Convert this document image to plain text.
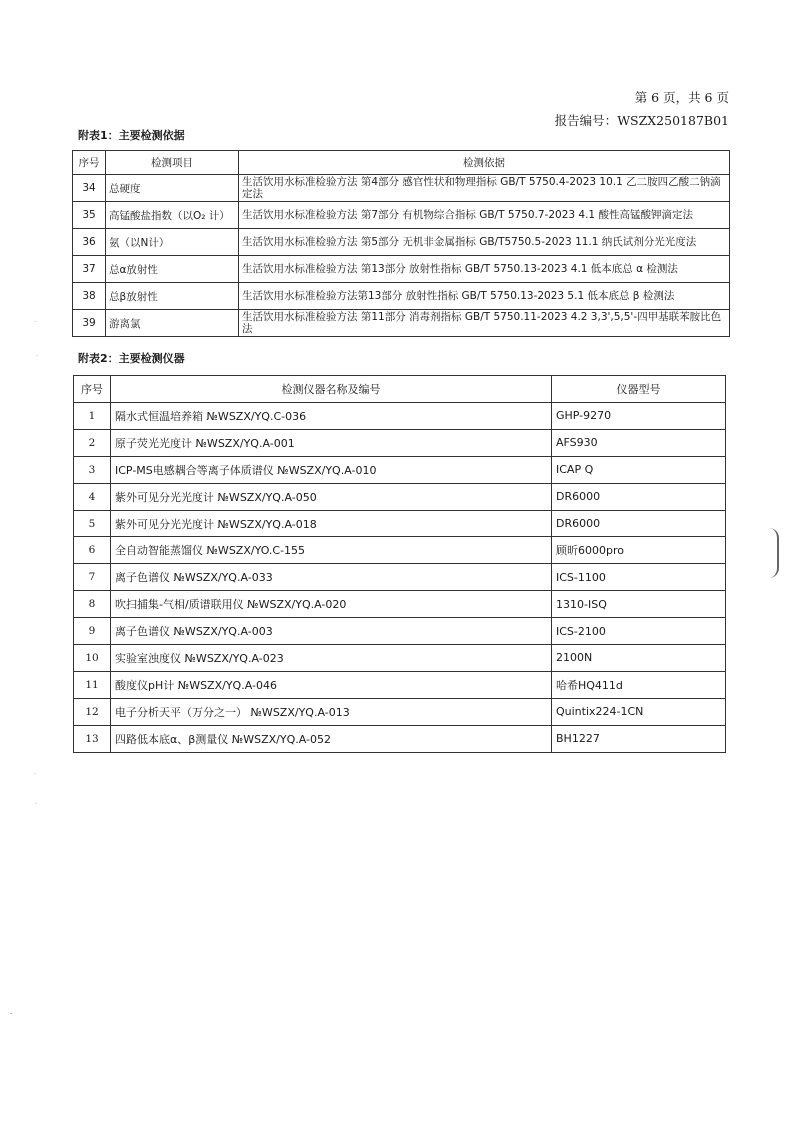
第 6 页，共 6 页
报告编号：WSZX250187B01
附表1：主要检测依据
序号	检测项目	检测依据
34	总硬度	生活饮用水标准检验方法 第4部分 感官性状和物理指标 GB/T 5750.4-2023 10.1 乙二胺四乙酸二钠滴定法
35	高锰酸盐指数（以O₂ 计）	生活饮用水标准检验方法 第7部分 有机物综合指标 GB/T 5750.7-2023 4.1 酸性高锰酸钾滴定法
36	氨（以N计）	生活饮用水标准检验方法 第5部分 无机非金属指标 GB/T5750.5-2023 11.1 纳氏试剂分光光度法
37	总α放射性	生活饮用水标准检验方法 第13部分 放射性指标 GB/T 5750.13-2023 4.1 低本底总 α 检测法
38	总β放射性	生活饮用水标准检验方法第13部分 放射性指标 GB/T 5750.13-2023 5.1 低本底总 β 检测法
39	游离氯	生活饮用水标准检验方法 第11部分 消毒剂指标 GB/T 5750.11-2023 4.2 3,3',5,5'-四甲基联苯胺比色法
附表2：主要检测仪器
序号	检测仪器名称及编号	仪器型号
1	隔水式恒温培养箱 №WSZX/YQ.C-036	GHP-9270
2	原子荧光光度计 №WSZX/YQ.A-001	AFS930
3	ICP-MS电感耦合等离子体质谱仪 №WSZX/YQ.A-010	ICAP Q
4	紫外可见分光光度计 №WSZX/YQ.A-050	DR6000
5	紫外可见分光光度计 №WSZX/YQ.A-018	DR6000
6	全自动智能蒸馏仪 №WSZX/YO.C-155	顾昕6000pro
7	离子色谱仪 №WSZX/YQ.A-033	ICS-1100
8	吹扫捕集-气相/质谱联用仪 №WSZX/YQ.A-020	1310-ISQ
9	离子色谱仪 №WSZX/YQ.A-003	ICS-2100
10	实验室浊度仪 №WSZX/YQ.A-023	2100N
11	酸度仪pH计 №WSZX/YQ.A-046	哈希HQ411d
12	电子分析天平（万分之一） №WSZX/YQ.A-013	Quintix224-1CN
13	四路低本底α、β测量仪 №WSZX/YQ.A-052	BH1227
·
·
·
·
·
